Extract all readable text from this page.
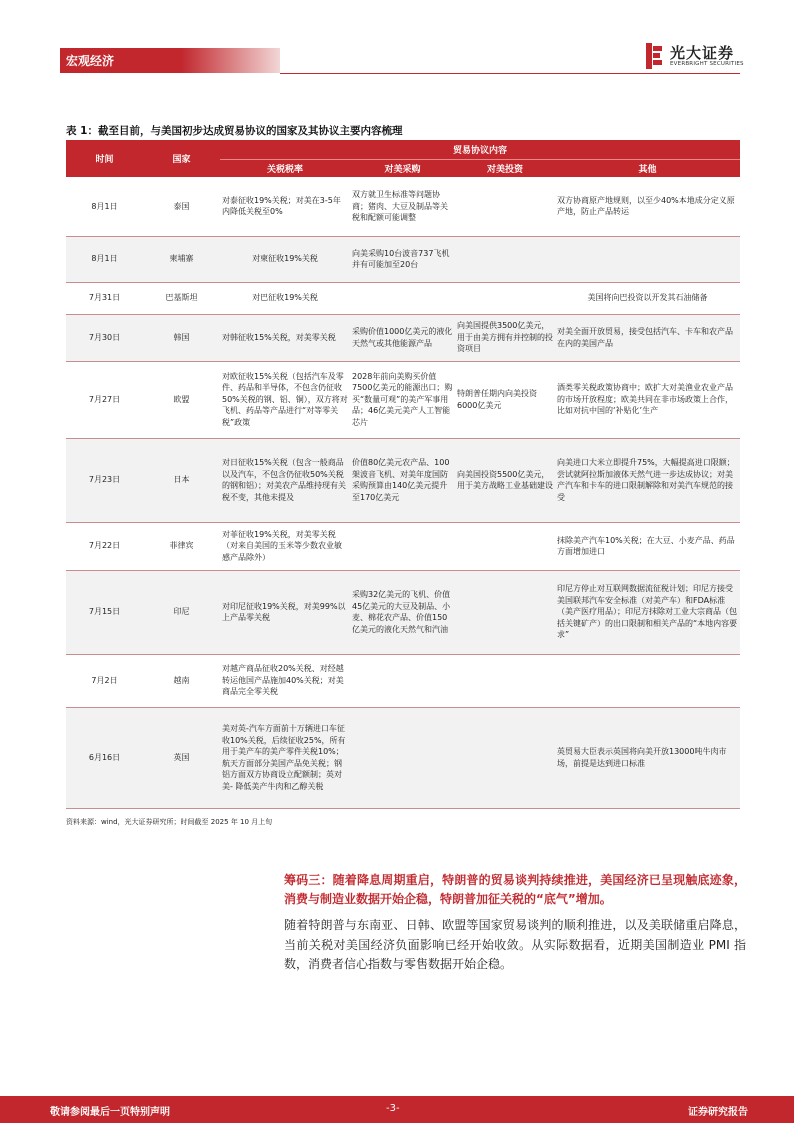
宏观经济	光大证券
EVERBRIGHT SECURITIES
表 1：截至目前，与美国初步达成贸易协议的国家及其协议主要内容梳理
时间	国家	贸易协议内容			
		关税税率	对美采购	对美投资	其他
8月1日	泰国	对泰征收19%关税；对美在3-5年内降低关税至0%	双方就卫生标准等问题协商；猪肉、大豆及制品等关税和配额可能调整		双方协商原产地规则，以至少40%本地成分定义原产地，防止产品转运
8月1日	柬埔寨	对柬征收19%关税	向美采购10台波音737飞机并有可能加至20台		
7月31日	巴基斯坦	对巴征收19%关税			美国将向巴投资以开发其石油储备
7月30日	韩国	对韩征收15%关税，对美零关税	采购价值1000亿美元的液化天然气或其他能源产品	向美国提供3500亿美元，用于由美方拥有并控制的投资项目	对美全面开放贸易，接受包括汽车、卡车和农产品在内的美国产品
7月27日	欧盟	对欧征收15%关税（包括汽车及零件、药品和半导体，不包含仍征收50%关税的钢、铝、铜），双方将对飞机、药品等产品进行“对等零关税”政策	2028年前向美购买价值7500亿美元的能源出口；购买“数量可观”的美产军事用品；46亿美元美产人工智能芯片	特朗普任期内向美投资6000亿美元	酒类零关税政策协商中；欧扩大对美渔业农业产品的市场开放程度；欧美共同在非市场政策上合作，比如对抗中国的‘补贴化’生产
7月23日	日本	对日征收15%关税（包含一般商品以及汽车，不包含仍征收50%关税的钢和铝）；对美农产品维持现有关税不变，其他未提及	价值80亿美元农产品、100架波音飞机、对美年度国防采购预算由140亿美元提升至170亿美元	向美国投资5500亿美元，用于美方战略工业基础建设	向美进口大米立即提升75%，大幅提高进口限额；尝试就阿拉斯加液体天然气进一步达成协议；对美产汽车和卡车的进口限制解除和对美汽车规范的接受
7月22日	菲律宾	对菲征收19%关税，对美零关税（对来自美国的玉米等少数农业敏感产品除外）			抹除美产汽车10%关税；在大豆、小麦产品、药品方面增加进口
7月15日	印尼	对印尼征收19%关税，对美99%以上产品零关税	采购32亿美元的飞机、价值45亿美元的大豆及制品、小麦、棉花农产品、价值150亿美元的液化天然气和汽油		印尼方停止对互联网数据流征税计划；印尼方接受美国联邦汽车安全标准（对美产车）和FDA标准（美产医疗用品）；印尼方抹除对工业大宗商品（包括关键矿产）的出口限制和相关产品的“本地内容要求”
7月2日	越南	对越产商品征收20%关税、对经越转运他国产品施加40%关税；对美商品完全零关税			
6月16日	英国	美对英-汽车方面前十万辆进口车征收10%关税，后续征收25%，所有用于美产车的美产零件关税10%；航天方面部分美国产品免关税；钢铝方面双方协商设立配额制；英对美- 降低美产牛肉和乙醇关税			英贸易大臣表示英国将向美开放13000吨牛肉市场，前提是达到进口标准
资料来源：wind，光大证券研究所；时间截至 2025 年 10 月上旬
筹码三：随着降息周期重启，特朗普的贸易谈判持续推进，美国经济已呈现触底迹象，消费与制造业数据开始企稳，特朗普加征关税的“底气”增加。
随着特朗普与东南亚、日韩、欧盟等国家贸易谈判的顺利推进，以及美联储重启降息，当前关税对美国经济负面影响已经开始收敛。从实际数据看，近期美国制造业 PMI 指数，消费者信心指数与零售数据开始企稳。
敬请参阅最后一页特别声明	-3-	证券研究报告
